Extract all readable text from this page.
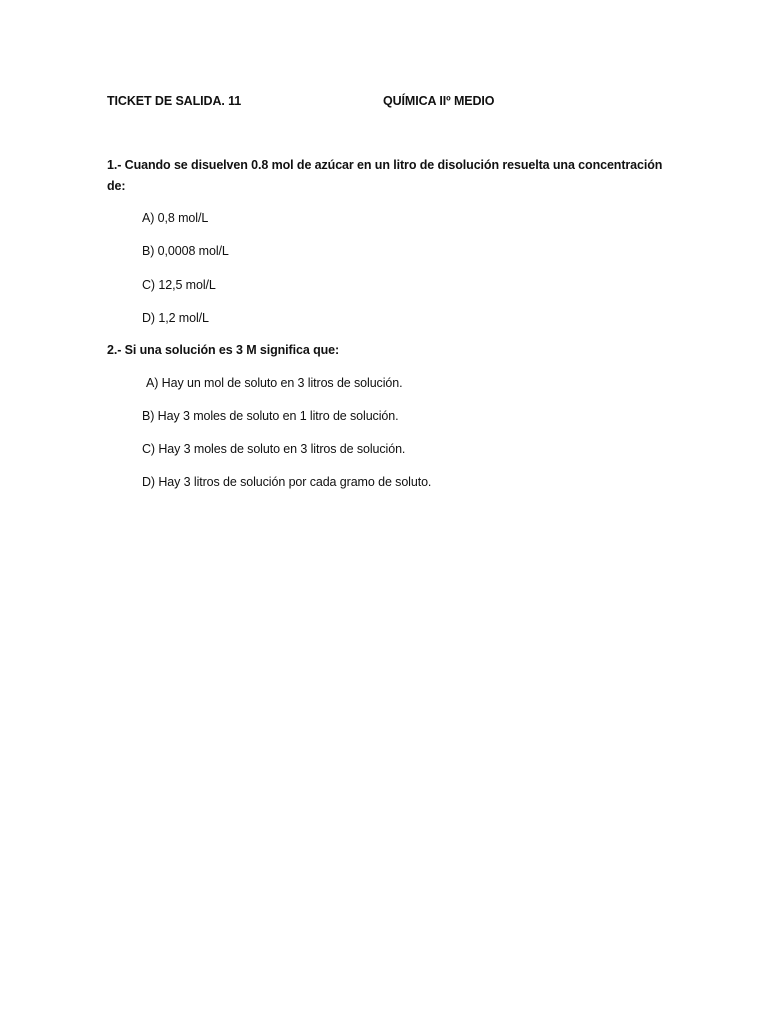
TICKET DE SALIDA. 11	QUÍMICA IIº MEDIO
1.- Cuando se disuelven 0.8 mol de azúcar en un litro de disolución resuelta una concentración
de:
A) 0,8 mol/L
B) 0,0008 mol/L
C) 12,5 mol/L
D) 1,2 mol/L
2.- Si una solución es 3 M significa que:
A) Hay un mol de soluto en 3 litros de solución.
B) Hay 3 moles de soluto en 1 litro de solución.
C) Hay 3 moles de soluto en 3 litros de solución.
D) Hay 3 litros de solución por cada gramo de soluto.
